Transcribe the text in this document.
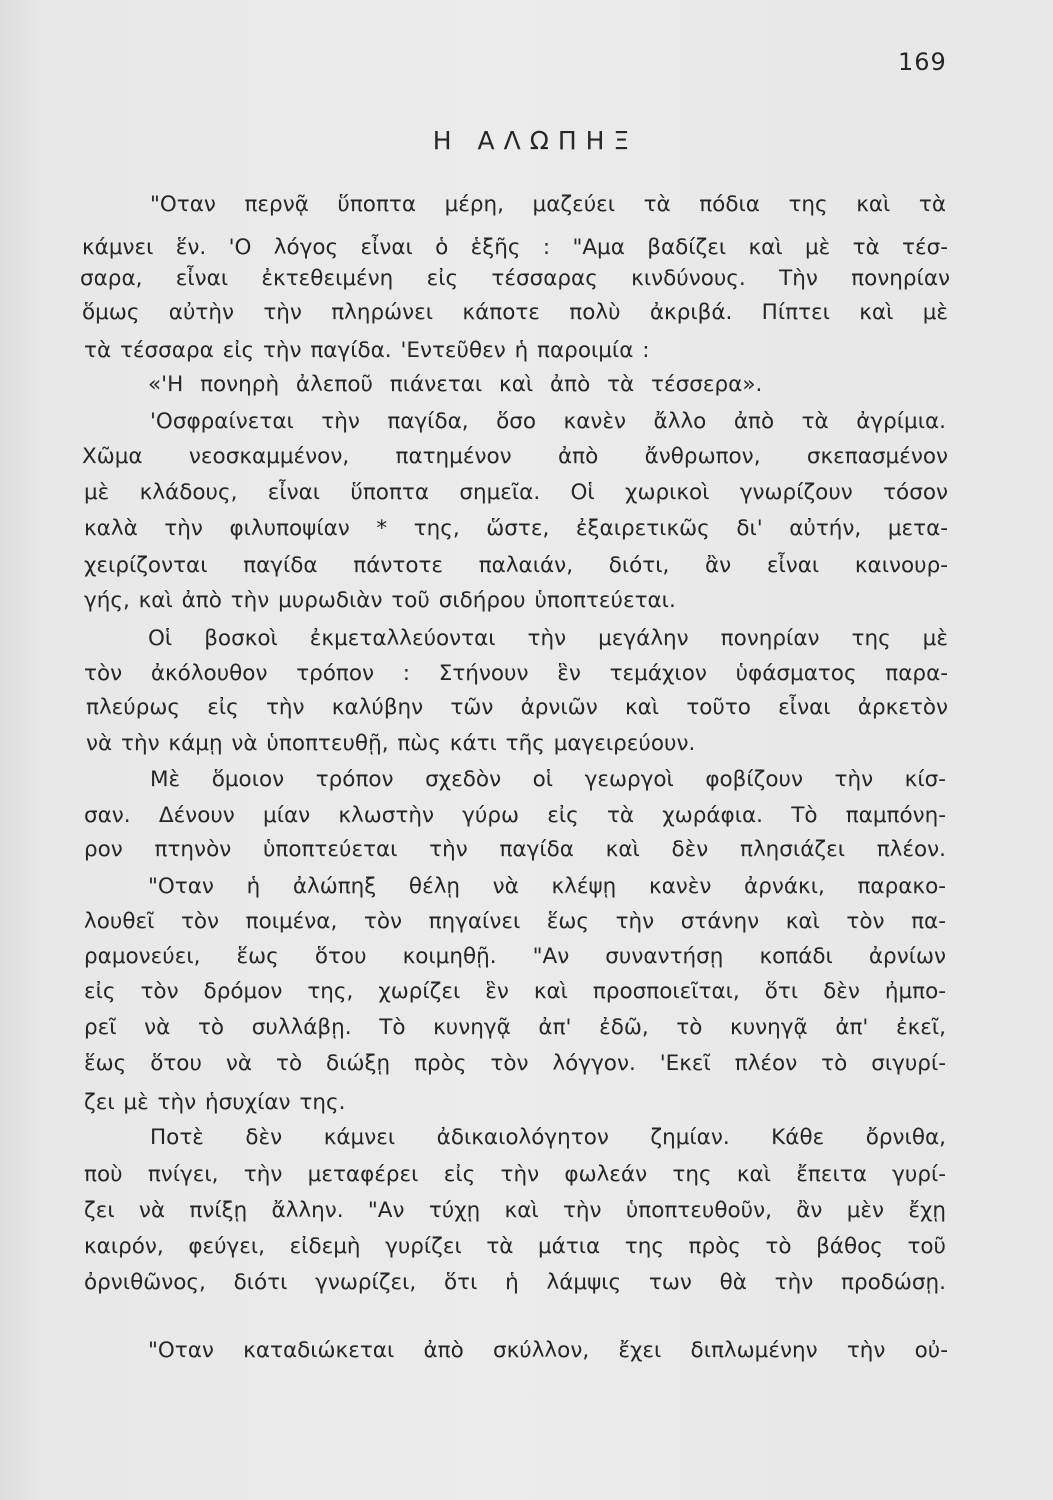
169
Η ΑΛΩΠΗΞ
"Οταν περνᾷ ὕποπτα μέρη, μαζεύει τὰ πόδια της καὶ τὰ
κάμνει ἕν. 'Ο λόγος εἶναι ὁ ἑξῆς : "Αμα βαδίζει καὶ μὲ τὰ τέσ-
σαρα, εἶναι ἐκτεθειμένη εἰς τέσσαρας κινδύνους. Τὴν πονηρίαν
ὅμως αὐτὴν τὴν πληρώνει κάποτε πολὺ ἀκριβά. Πίπτει καὶ μὲ
τὰ τέσσαρα εἰς τὴν παγίδα. 'Εντεῦθεν ἡ παροιμία :
«'Η πονηρὴ ἀλεποῦ πιάνεται καὶ ἀπὸ τὰ τέσσερα».
'Οσφραίνεται τὴν παγίδα, ὅσο κανὲν ἄλλο ἀπὸ τὰ ἀγρίμια.
Χῶμα νεοσκαμμένον, πατημένον ἀπὸ ἄνθρωπον, σκεπασμένον
μὲ κλάδους, εἶναι ὕποπτα σημεῖα. Οἱ χωρικοὶ γνωρίζουν τόσον
καλὰ τὴν φιλυποψίαν * της, ὥστε, ἐξαιρετικῶς δι' αὐτήν, μετα-
χειρίζονται παγίδα πάντοτε παλαιάν, διότι, ἂν εἶναι καινουρ-
γής, καὶ ἀπὸ τὴν μυρωδιὰν τοῦ σιδήρου ὑποπτεύεται.
Οἱ βοσκοὶ ἐκμεταλλεύονται τὴν μεγάλην πονηρίαν της μὲ
τὸν ἀκόλουθον τρόπον : Στήνουν ἓν τεμάχιον ὑφάσματος παρα-
πλεύρως εἰς τὴν καλύβην τῶν ἀρνιῶν καὶ τοῦτο εἶναι ἀρκετὸν
νὰ τὴν κάμῃ νὰ ὑποπτευθῇ, πὼς κάτι τῆς μαγειρεύουν.
Μὲ ὅμοιον τρόπον σχεδὸν οἱ γεωργοὶ φοβίζουν τὴν κίσ-
σαν. Δένουν μίαν κλωστὴν γύρω εἰς τὰ χωράφια. Τὸ παμπόνη-
ρον πτηνὸν ὑποπτεύεται τὴν παγίδα καὶ δὲν πλησιάζει πλέον.
"Οταν ἡ ἀλώπηξ θέλῃ νὰ κλέψῃ κανὲν ἀρνάκι, παρακο-
λουθεῖ τὸν ποιμένα, τὸν πηγαίνει ἕως τὴν στάνην καὶ τὸν πα-
ραμονεύει, ἕως ὅτου κοιμηθῇ. "Αν συναντήσῃ κοπάδι ἀρνίων
εἰς τὸν δρόμον της, χωρίζει ἓν καὶ προσποιεῖται, ὅτι δὲν ἠμπο-
ρεῖ νὰ τὸ συλλάβῃ. Τὸ κυνηγᾷ ἀπ' ἐδῶ, τὸ κυνηγᾷ ἀπ' ἐκεῖ,
ἕως ὅτου νὰ τὸ διώξῃ πρὸς τὸν λόγγον. 'Εκεῖ πλέον τὸ σιγυρί-
ζει μὲ τὴν ἡσυχίαν της.
Ποτὲ δὲν κάμνει ἀδικαιολόγητον ζημίαν. Κάθε ὄρνιθα,
ποὺ πνίγει, τὴν μεταφέρει εἰς τὴν φωλεάν της καὶ ἔπειτα γυρί-
ζει νὰ πνίξῃ ἄλλην. "Αν τύχῃ καὶ τὴν ὑποπτευθοῦν, ἂν μὲν ἔχῃ
καιρόν, φεύγει, εἰδεμὴ γυρίζει τὰ μάτια της πρὸς τὸ βάθος τοῦ
ὀρνιθῶνος, διότι γνωρίζει, ὅτι ἡ λάμψις των θὰ τὴν προδώσῃ.
"Οταν καταδιώκεται ἀπὸ σκύλλον, ἔχει διπλωμένην τὴν οὐ-
